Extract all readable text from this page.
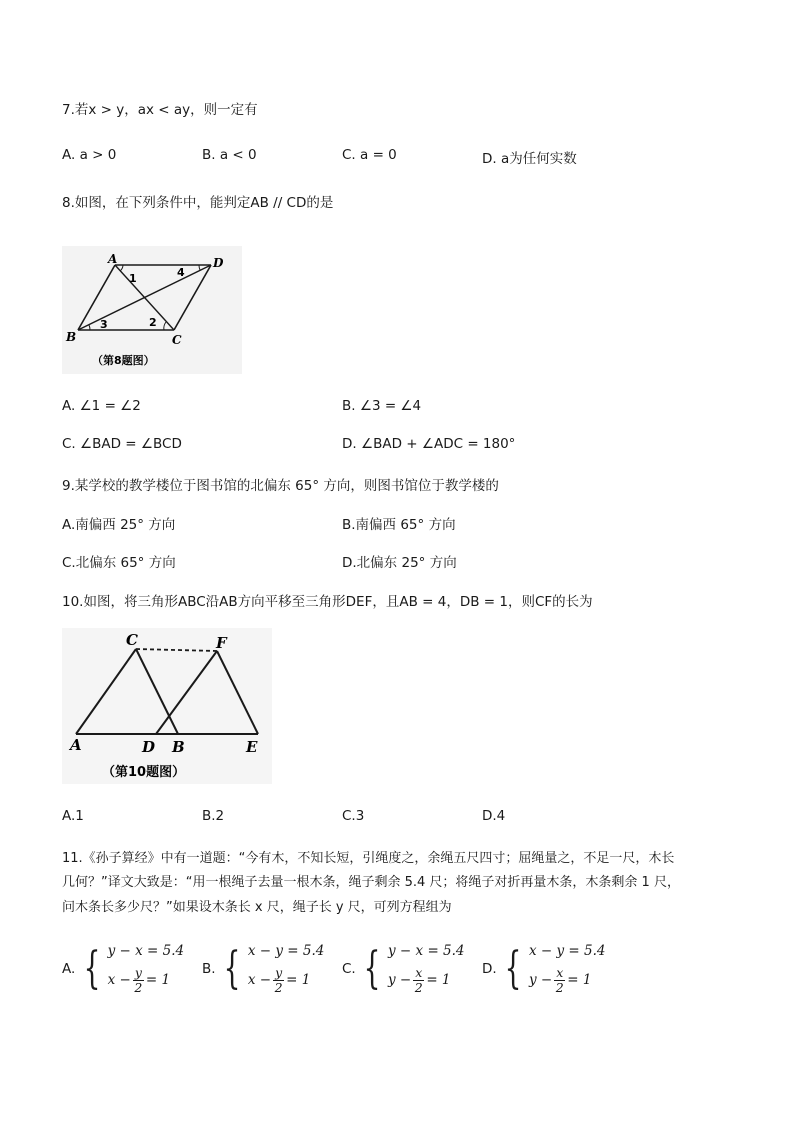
7.若x > y，ax < ay，则一定有
A. a > 0	B. a < 0	C. a = 0	D. a为任何实数
8.如图，在下列条件中，能判定AB // CD的是
A	D
B	C
1
2
3
4
（第8题图）
A. ∠1 = ∠2	B. ∠3 = ∠4
C. ∠BAD = ∠BCD	D. ∠BAD + ∠ADC = 180°
9.某学校的教学楼位于图书馆的北偏东 65° 方向，则图书馆位于教学楼的
A.南偏西 25° 方向	B.南偏西 65° 方向
C.北偏东 65° 方向	D.北偏东 25° 方向
10.如图，将三角形ABC沿AB方向平移至三角形DEF，且AB = 4，DB = 1，则CF的长为
C	F
A	D B	E
（第10题图）
A.1	B.2	C.3	D.4
11.《孙子算经》中有一道题：“今有木，不知长短，引绳度之，余绳五尺四寸；屈绳量之，不足一尺，木长
几何？”译文大致是：“用一根绳子去量一根木条，绳子剩余 5.4 尺；将绳子对折再量木条，木条剩余 1 尺，
问木条长多少尺？”如果设木条长 x 尺，绳子长 y 尺，可列方程组为
A. { y − x = 5.4
$x - \frac{y}{2} = 1$
B. { x − y = 5.4
$x - \frac{y}{2} = 1$
C. { y − x = 5.4
$y - \frac{x}{2} = 1$
D. { x − y = 5.4
$y - \frac{x}{2} = 1$
